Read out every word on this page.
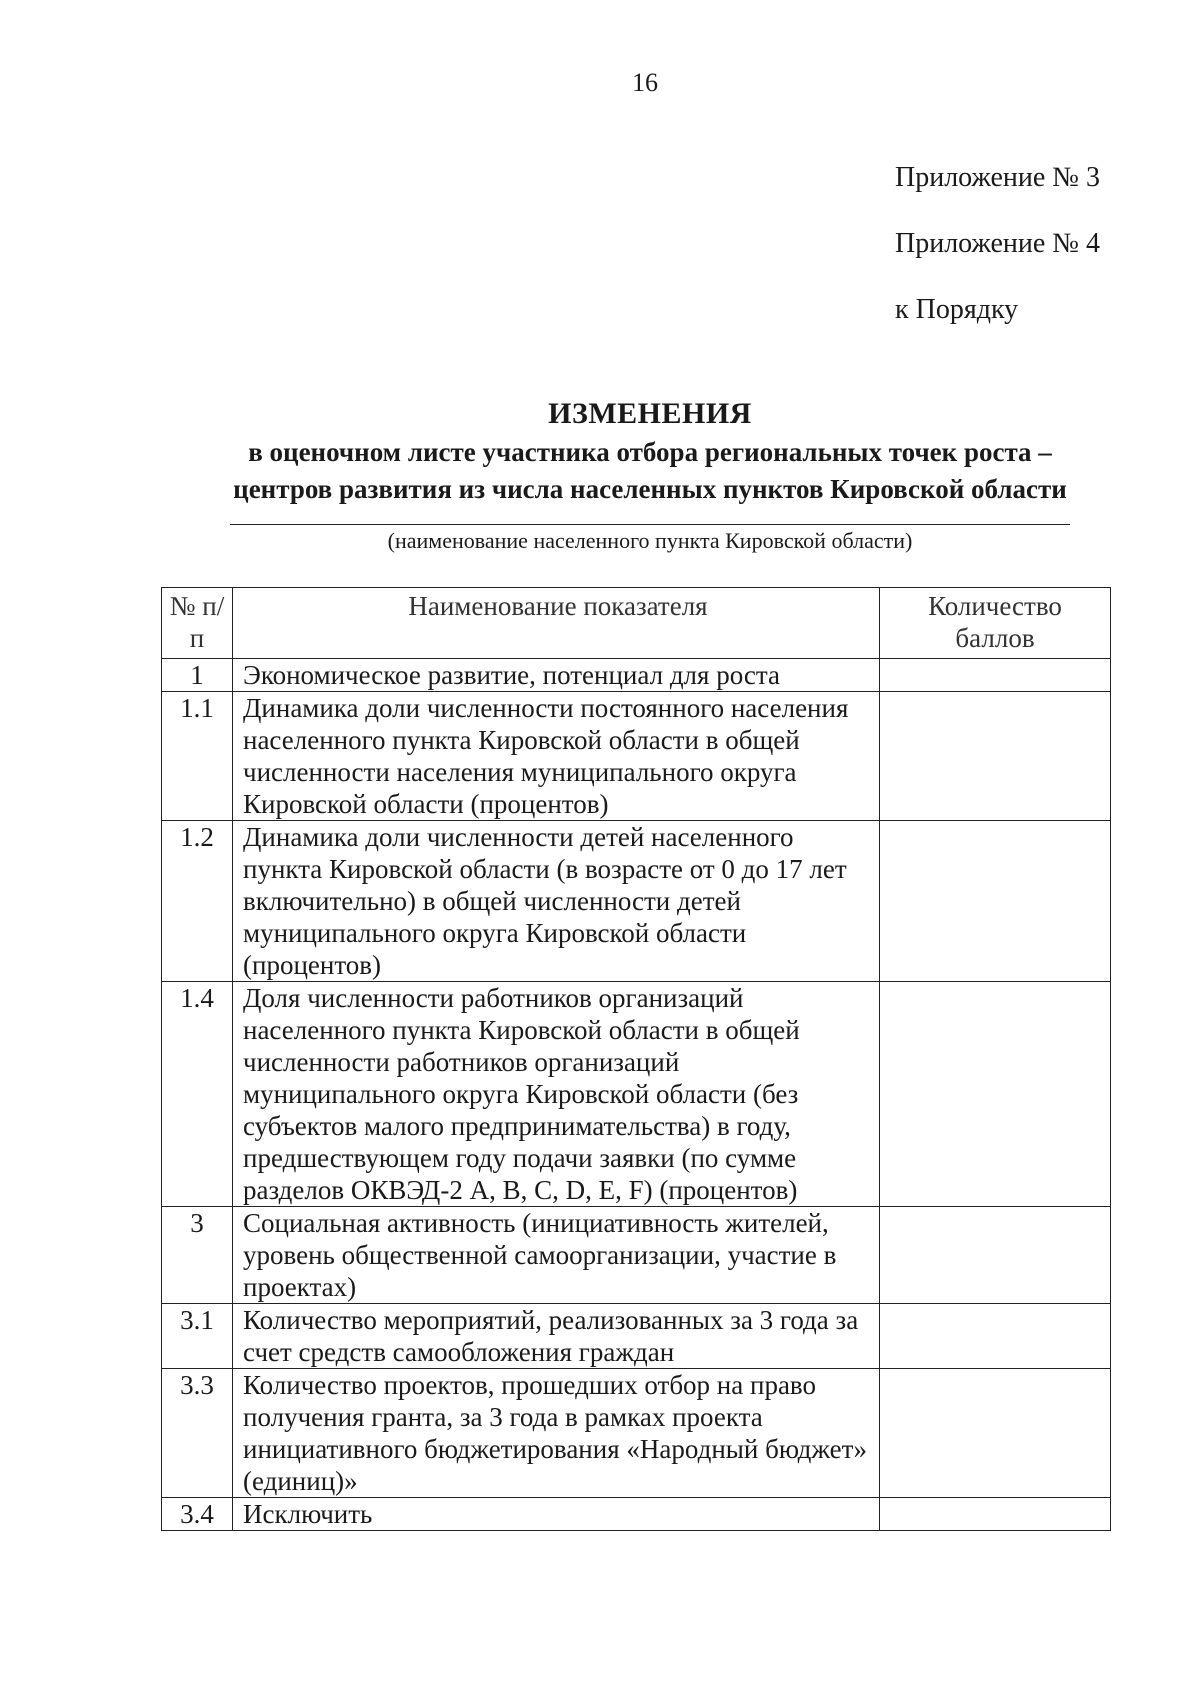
16
Приложение № 3
Приложение № 4
к Порядку
ИЗМЕНЕНИЯ
в оценочном листе участника отбора региональных точек роста –
центров развития из числа населенных пунктов Кировской области
(наименование населенного пункта Кировской области)
№ п/п	Наименование показателя	Количество баллов
1	Экономическое развитие, потенциал для роста	
1.1	Динамика доли численности постоянного населения населенного пункта Кировской области в общей численности населения муниципального округа Кировской области (процентов)	
1.2	Динамика доли численности детей населенного пункта Кировской области (в возрасте от 0 до 17 лет включительно) в общей численности детей муниципального округа Кировской области (процентов)	
1.4	Доля численности работников организаций населенного пункта Кировской области в общей численности работников организаций муниципального округа Кировской области (без субъектов малого предпринимательства) в году, предшествующем году подачи заявки (по сумме разделов ОКВЭД-2 A, B, C, D, E, F) (процентов)	
3	Социальная активность (инициативность жителей, уровень общественной самоорганизации, участие в проектах)	
3.1	Количество мероприятий, реализованных за 3 года за счет средств самообложения граждан	
3.3	Количество проектов, прошедших отбор на право получения гранта, за 3 года в рамках проекта инициативного бюджетирования «Народный бюджет» (единиц)»	
3.4	Исключить	
